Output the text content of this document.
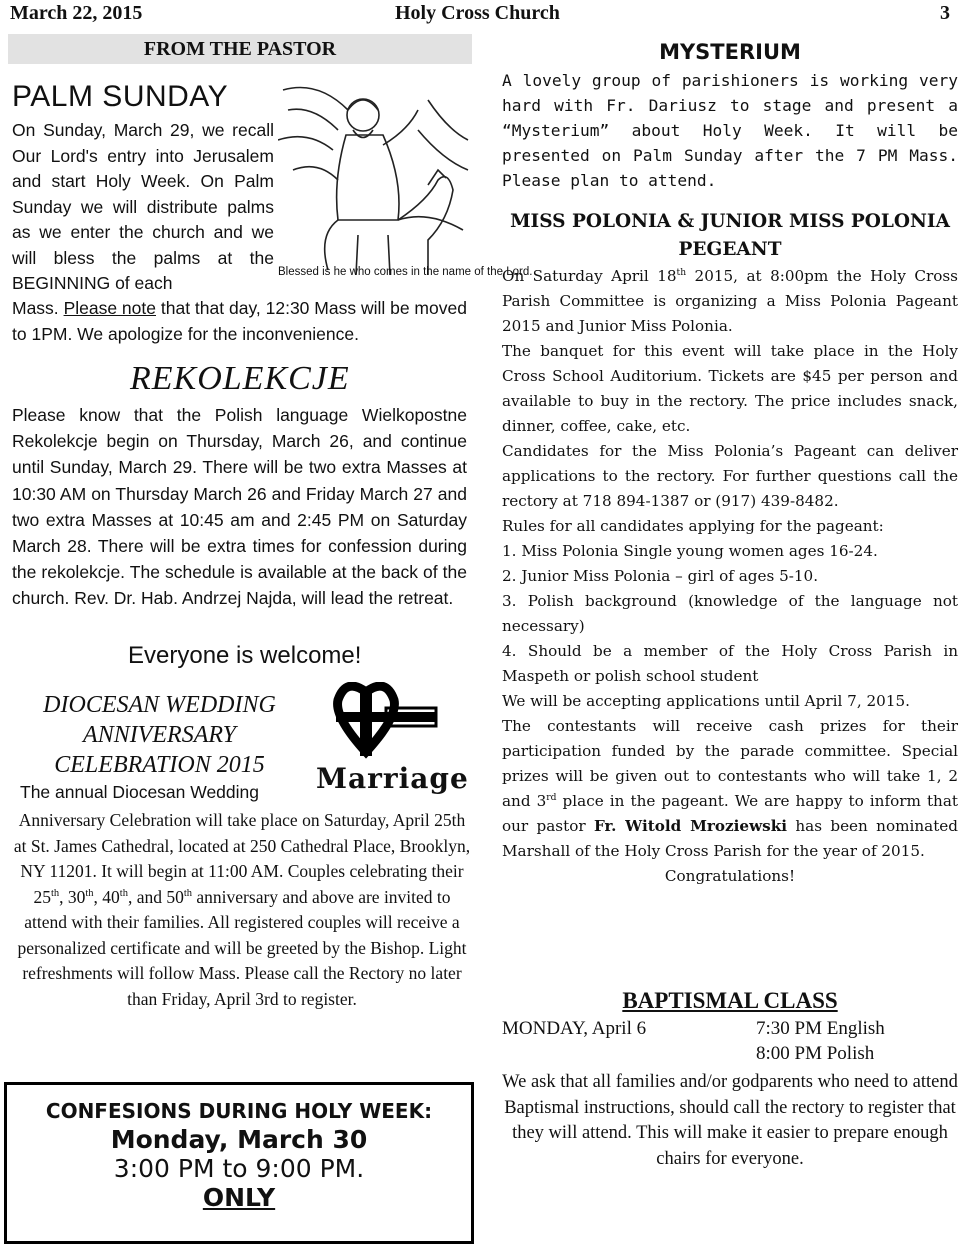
March 22, 2015	Holy Cross Church	3
FROM THE PASTOR
PALM SUNDAY
On Sunday, March 29, we recall Our Lord's entry into Jerusalem and start Holy Week. On Palm Sunday we will distribute palms as we enter the church and we will bless the palms at the BEGINNING of each
Mass. Please note that that day, 12:30 Mass will be moved to 1PM. We apologize for the inconvenience.
Blessed is he who comes in the name of the Lord.
REKOLEKCJE
Please know that the Polish language Wielkopostne Rekolekcje begin on Thursday, March 26, and continue until Sunday, March 29. There will be two extra Masses at 10:30 AM on Thursday March 26 and Friday March 27 and two extra Masses at 10:45 am and 2:45 PM on Saturday March 28. There will be extra times for confession during the rekolekcje. The schedule is available at the back of the church. Rev. Dr. Hab. Andrzej Najda, will lead the retreat.
Everyone is welcome!
DIOCESAN WEDDING
ANNIVERSARY
CELEBRATION 2015	Marriage
The annual Diocesan Wedding
Anniversary Celebration will take place on Saturday, April 25th at St. James Cathedral, located at 250 Cathedral Place, Brooklyn, NY 11201. It will begin at 11:00 AM. Couples celebrating their 25th, 30th, 40th, and 50th anniversary and above are invited to attend with their families. All registered couples will receive a personalized certificate and will be greeted by the Bishop. Light refreshments will follow Mass. Please call the Rectory no later than Friday, April 3rd to register.
CONFESIONS DURING HOLY WEEK:
Monday, March 30
3:00 PM to 9:00 PM.
ONLY
MYSTERIUM
A lovely group of parishioners is working very hard with Fr. Dariusz to stage and present a “Mysterium” about Holy Week. It will be presented on Palm Sunday after the 7 PM Mass. Please plan to attend.
MISS POLONIA & JUNIOR MISS POLONIA
PEGEANT

On Saturday April 18th 2015, at 8:00pm the Holy Cross Parish Committee is organizing a Miss Polonia Pageant 2015 and Junior Miss Polonia.

The banquet for this event will take place in the Holy Cross School Auditorium. Tickets are $45 per person and available to buy in the rectory. The price includes snack, dinner, coffee, cake, etc.

Candidates for the Miss Polonia’s Pageant can deliver applications to the rectory. For further questions call the rectory at 718 894-1387 or (917) 439-8482.

Rules for all candidates applying for the pageant:

1. Miss Polonia Single young women ages 16-24.

2. Junior Miss Polonia – girl of ages 5-10.

3. Polish background (knowledge of the language not necessary)

4. Should be a member of the Holy Cross Parish in Maspeth or polish school student

We will be accepting applications until April 7, 2015.

The contestants will receive cash prizes for their participation funded by the parade committee. Special prizes will be given out to contestants who will take 1, 2 and 3rd place in the pageant. We are happy to inform that our pastor Fr. Witold Mroziewski has been nominated Marshall of the Holy Cross Parish for the year of 2015.

Congratulations!

BAPTISMAL CLASS
MONDAY, April 6	7:30 PM English
8:00 PM Polish
We ask that all families and/or godparents who need to attend Baptismal instructions, should call the rectory to register that they will attend. This will make it easier to prepare enough chairs for everyone.
